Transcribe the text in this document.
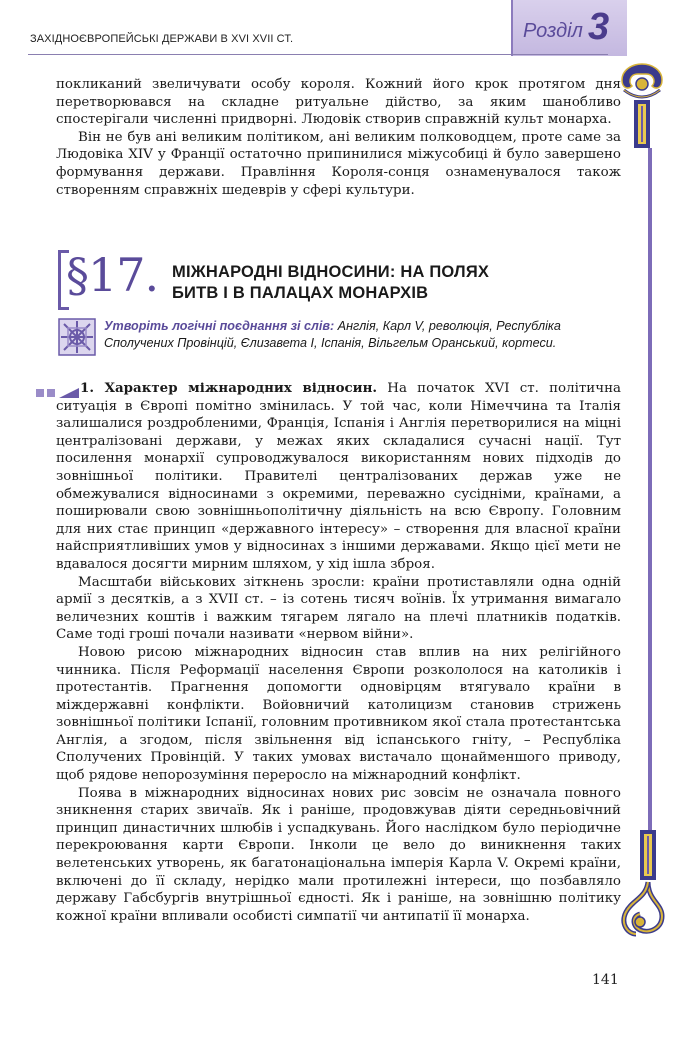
Розділ 3
ЗАХІДНОЄВРОПЕЙСЬКІ ДЕРЖАВИ В XVI XVII СТ.

покликаний звеличувати особу короля. Кожний його крок протягом дня перетворювався на складне ритуальне дійство, за яким шанобливо спостерігали численні придворні. Людовік створив справжній культ монарха.

Він не був ані великим політиком, ані великим полководцем, проте саме за Людовіка XIV у Франції остаточно припинилися міжусобиці й було завершено формування держави. Правління Короля-сонця ознаменувалося також створенням справжніх шедеврів у сфері культури.

§17. МІЖНАРОДНІ ВІДНОСИНИ: НА ПОЛЯХ
БИТВ І В ПАЛАЦАХ МОНАРХІВ
Утворіть логічні поєднання зі слів: Англія, Карл V, революція, Республіка Сполучених Провінцій, Єлизавета І, Іспанія, Вільгельм Оранський, кортеси.

1. Характер міжнародних відносин. На початок XVI ст. політична ситуація в Європі помітно змінилась. У той час, коли Німеччина та Італія залишалися роздробленими, Франція, Іспанія і Англія перетворилися на міцні централізовані держави, у межах яких складалися сучасні нації. Тут посилення монархії супроводжувалося використанням нових підходів до зовнішньої політики. Правителі централізованих держав уже не обмежувалися відносинами з окремими, переважно сусідніми, країнами, а поширювали свою зовнішньополітичну діяльність на всю Європу. Головним для них стає принцип «державного інтересу» – створення для власної країни найсприятливіших умов у відносинах з іншими державами. Якщо цієї мети не вдавалося досягти мирним шляхом, у хід ішла зброя.

Масштаби військових зіткнень зросли: країни протиставляли одна одній армії з десятків, а з XVII ст. – із сотень тисяч воїнів. Їх утримання вимагало величезних коштів і важким тягарем лягало на плечі платників податків. Саме тоді гроші почали називати «нервом війни».

Новою рисою міжнародних відносин став вплив на них релігійного чинника. Після Реформації населення Європи розкололося на католиків і протестантів. Прагнення допомогти одновірцям втягувало країни в міждержавні конфлікти. Войовничий католицизм становив стрижень зовнішньої політики Іспанії, головним противником якої стала протестантська Англія, а згодом, після звільнення від іспанського гніту, – Республіка Сполучених Провінцій. У таких умовах вистачало щонайменшого приводу, щоб рядове непорозуміння переросло на міжнародний конфлікт.

Поява в міжнародних відносинах нових рис зовсім не означала повного зникнення старих звичаїв. Як і раніше, продовжував діяти середньовічний принцип династичних шлюбів і успадкувань. Його наслідком було періодичне перекроювання карти Європи. Інколи це вело до виникнення таких велетенських утворень, як багатонаціональна імперія Карла V. Окремі країни, включені до її складу, нерідко мали протилежні інтереси, що позбавляло державу Габсбургів внутрішньої єдності. Як і раніше, на зовнішню політику кожної країни впливали особисті симпатії чи антипатії її монарха.

141
